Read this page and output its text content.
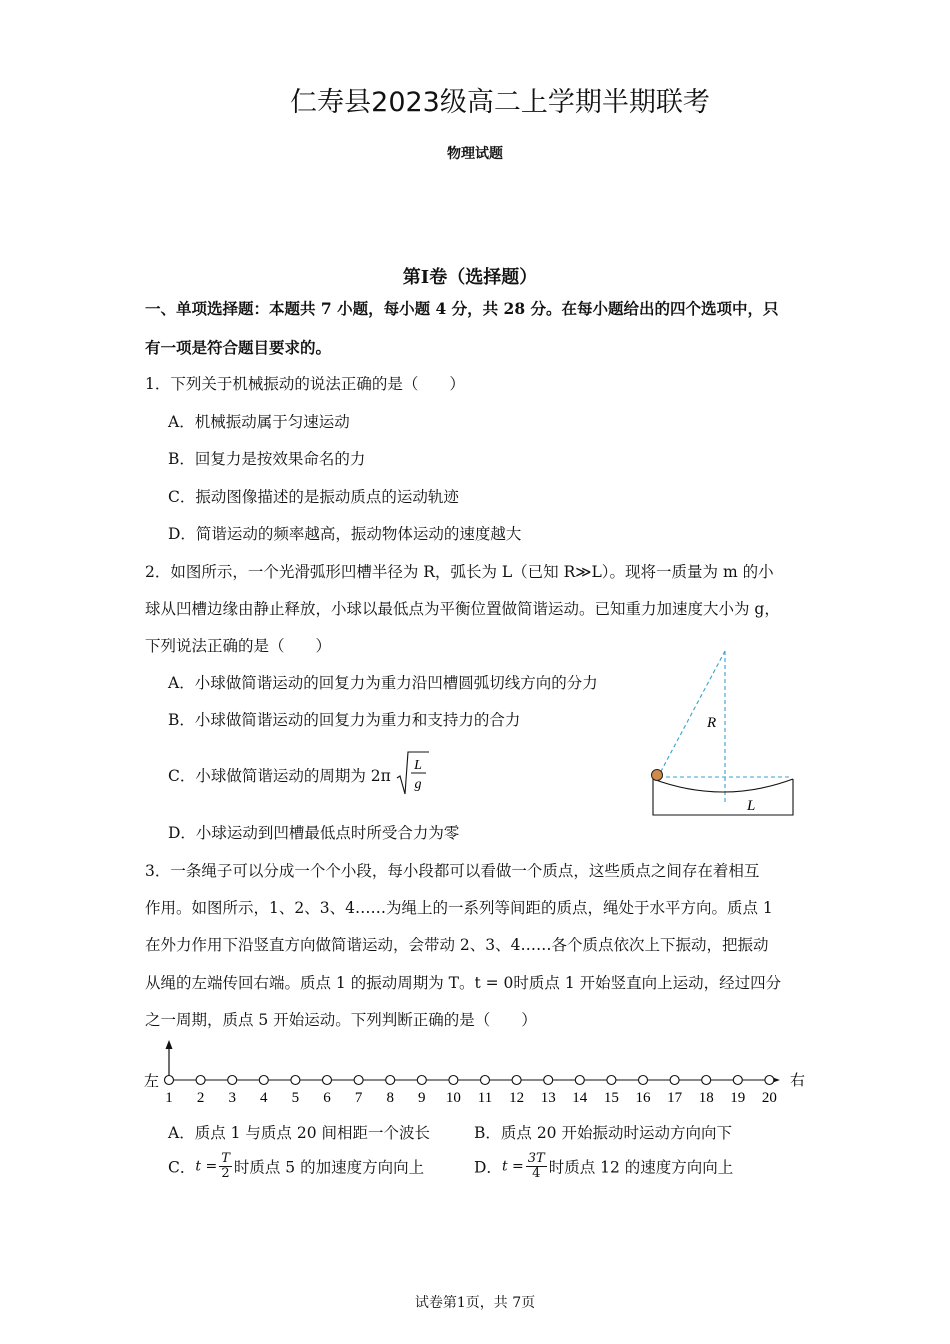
仁寿县2023级高二上学期半期联考
物理试题
第Ⅰ卷（选择题）
一、单项选择题：本题共 7 小题，每小题 4 分，共 28 分。在每小题给出的四个选项中，只
有一项是符合题目要求的。
1．下列关于机械振动的说法正确的是（　　）
A．机械振动属于匀速运动
B．回复力是按效果命名的力
C．振动图像描述的是振动质点的运动轨迹
D．简谐运动的频率越高，振动物体运动的速度越大
2．如图所示，一个光滑弧形凹槽半径为 R，弧长为 L（已知 R≫L）。现将一质量为 m 的小
球从凹槽边缘由静止释放，小球以最低点为平衡位置做简谐运动。已知重力加速度大小为 g，
下列说法正确的是（　　）
A．小球做简谐运动的回复力为重力沿凹槽圆弧切线方向的分力
B．小球做简谐运动的回复力为重力和支持力的合力
C．小球做简谐运动的周期为 2π
L
g
D．小球运动到凹槽最低点时所受合力为零
R
L
3．一条绳子可以分成一个个小段，每小段都可以看做一个质点，这些质点之间存在着相互
作用。如图所示，1、2、3、4……为绳上的一系列等间距的质点，绳处于水平方向。质点 1
在外力作用下沿竖直方向做简谐运动，会带动 2、3、4……各个质点依次上下振动，把振动
从绳的左端传回右端。质点 1 的振动周期为 T。t = 0时质点 1 开始竖直向上运动，经过四分
之一周期，质点 5 开始运动。下列判断正确的是（　　）
左	右
1 2 3 4 5 6 7 8 9 10 11 12 13 14 15 16 17 18 19 20
A．质点 1 与质点 20 间相距一个波长	B．质点 20 开始振动时运动方向向下
C．$t = \frac{T}{2}$ 时质点 5 的加速度方向向上	D．$t = \frac{3T}{4}$ 时质点 12 的速度方向向上
试卷第1页，共 7页
